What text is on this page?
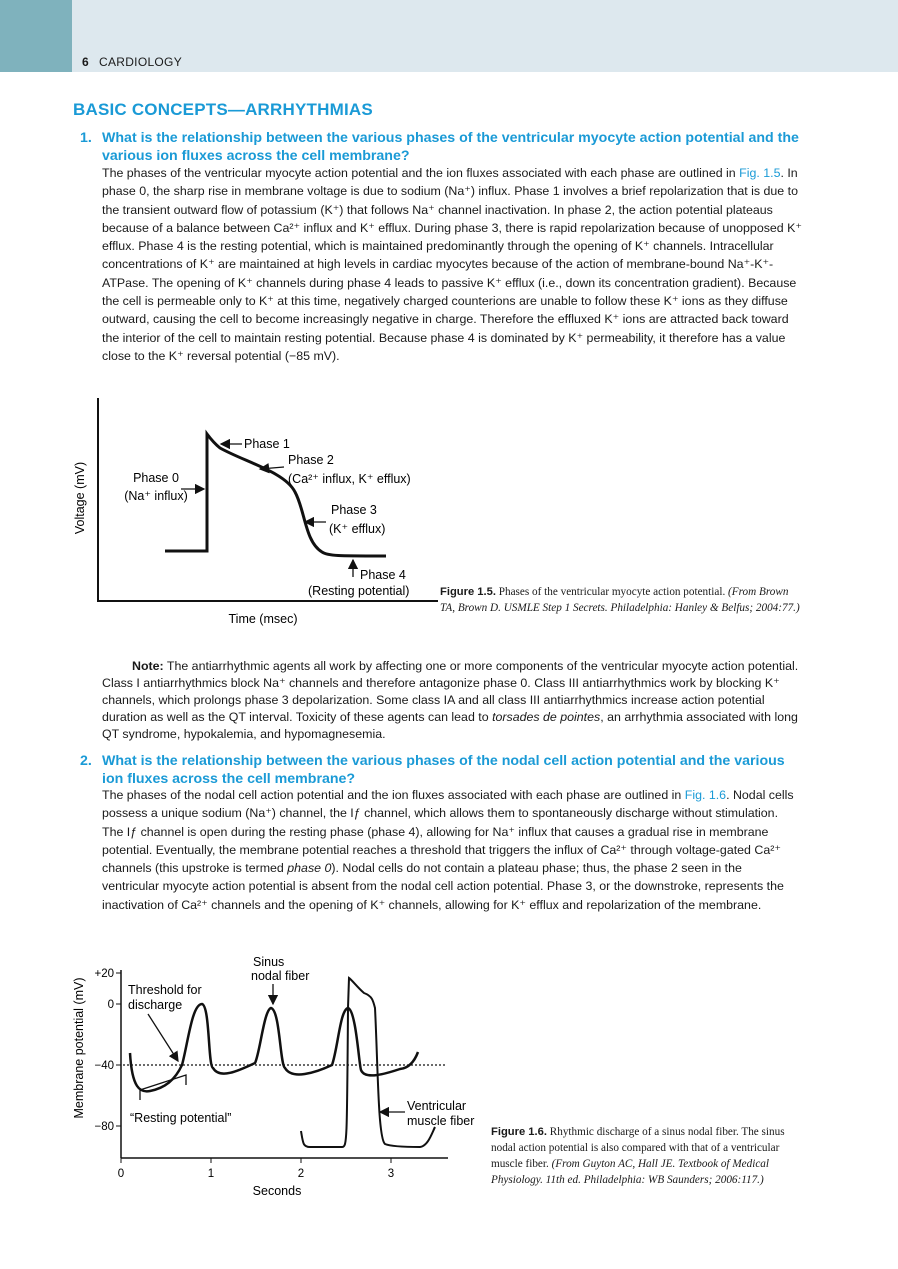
6 CARDIOLOGY
BASIC CONCEPTS—ARRHYTHMIAS
1. What is the relationship between the various phases of the ventricular myocyte action potential and the various ion fluxes across the cell membrane?

The phases of the ventricular myocyte action potential and the ion fluxes associated with each phase are outlined in Fig. 1.5. In phase 0, the sharp rise in membrane voltage is due to sodium (Na⁺) influx. Phase 1 involves a brief repolarization that is due to the transient outward flow of potassium (K⁺) that follows Na⁺ channel inactivation. In phase 2, the action potential plateaus because of a balance between Ca²⁺ influx and K⁺ efflux. During phase 3, there is rapid repolarization because of unopposed K⁺ efflux. Phase 4 is the resting potential, which is maintained predominantly through the opening of K⁺ channels. Intracellular concentrations of K⁺ are maintained at high levels in cardiac myocytes because of the action of membrane-bound Na⁺-K⁺-ATPase. The opening of K⁺ channels during phase 4 leads to passive K⁺ efflux (i.e., down its concentration gradient). Because the cell is permeable only to K⁺ at this time, negatively charged counterions are unable to follow these K⁺ ions as they diffuse outward, causing the cell to become increasingly negative in charge. Therefore the effluxed K⁺ ions are attracted back toward the interior of the cell to maintain resting potential. Because phase 4 is dominated by K⁺ permeability, it therefore has a value close to the K⁺ reversal potential (−85 mV).

Voltage (mV)
Time (msec)
Phase 1
Phase 2
(Ca²⁺ influx, K⁺ efflux)
Phase 0
(Na⁺ influx)
Phase 3
(K⁺ efflux)
Phase 4
(Resting potential)	Figure 1.5. Phases of the ventricular myocyte action potential. (From Brown TA, Brown D. USMLE Step 1 Secrets. Philadelphia: Hanley & Belfus; 2004:77.)
Note: The antiarrhythmic agents all work by affecting one or more components of the ventricular myocyte action potential. Class I antiarrhythmics block Na⁺ channels and therefore antagonize phase 0. Class III antiarrhythmics work by blocking K⁺ channels, which prolongs phase 3 depolarization. Some class IA and all class III antiarrhythmics increase action potential duration as well as the QT interval. Toxicity of these agents can lead to torsades de pointes, an arrhythmia associated with long QT syndrome, hypokalemia, and hypomagnesemia.
2. What is the relationship between the various phases of the nodal cell action potential and the various ion fluxes across the cell membrane?

The phases of the nodal cell action potential and the ion fluxes associated with each phase are outlined in Fig. 1.6. Nodal cells possess a unique sodium (Na⁺) channel, the Iƒ channel, which allows them to spontaneously discharge without stimulation. The Iƒ channel is open during the resting phase (phase 4), allowing for Na⁺ influx that causes a gradual rise in membrane potential. Eventually, the membrane potential reaches a threshold that triggers the influx of Ca²⁺ through voltage-gated Ca²⁺ channels (this upstroke is termed phase 0). Nodal cells do not contain a plateau phase; thus, the phase 2 seen in the ventricular myocyte action potential is absent from the nodal cell action potential. Phase 3, or the downstroke, represents the inactivation of Ca²⁺ channels and the opening of K⁺ channels, allowing for K⁺ efflux and repolarization of the membrane.

+20
0
−40
−80
0	1	2	3
Membrane potential (mV)
Seconds
Sinus
nodal fiber
Threshold for
discharge
“Resting potential”
Ventricular
muscle fiber
Figure 1.6. Rhythmic discharge of a sinus nodal fiber. The sinus nodal action potential is also compared with that of a ventricular muscle fiber. (From Guyton AC, Hall JE. Textbook of Medical Physiology. 11th ed. Philadelphia: WB Saunders; 2006:117.)
